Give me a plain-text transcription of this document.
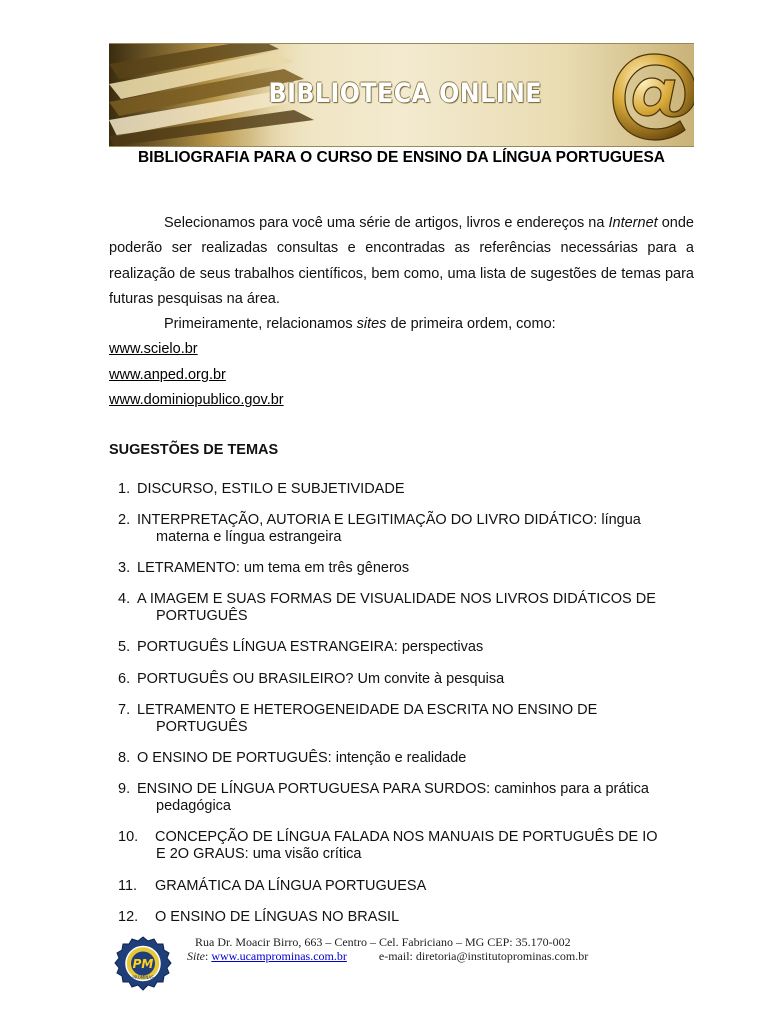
BIBLIOTECA ONLINE
BIBLIOGRAFIA PARA O CURSO DE ENSINO DA LÍNGUA PORTUGUESA

Selecionamos para você uma série de artigos, livros e endereços na Internet onde poderão ser realizadas consultas e encontradas as referências necessárias para a realização de seus trabalhos científicos, bem como, uma lista de sugestões de temas para futuras pesquisas na área.

Primeiramente, relacionamos sites de primeira ordem, como:

www.scielo.br
www.anped.org.br
www.dominiopublico.gov.br
SUGESTÕES DE TEMAS
1. DISCURSO, ESTILO E SUBJETIVIDADE
2. INTERPRETAÇÃO, AUTORIA E LEGITIMAÇÃO DO LIVRO DIDÁTICO: língua
materna e língua estrangeira
3. LETRAMENTO: um tema em três gêneros
4. A IMAGEM E SUAS FORMAS DE VISUALIDADE NOS LIVROS DIDÁTICOS DE
PORTUGUÊS
5. PORTUGUÊS LÍNGUA ESTRANGEIRA: perspectivas
6. PORTUGUÊS OU BRASILEIRO? Um convite à pesquisa
7. LETRAMENTO E HETEROGENEIDADE DA ESCRITA NO ENSINO DE
PORTUGUÊS
8. O ENSINO DE PORTUGUÊS: intenção e realidade
9. ENSINO DE LÍNGUA PORTUGUESA PARA SURDOS: caminhos para a prática
pedagógica
10. CONCEPÇÃO DE LÍNGUA FALADA NOS MANUAIS DE PORTUGUÊS DE IO
E 2O GRAUS: uma visão crítica
11. GRAMÁTICA DA LÍNGUA PORTUGUESA
12. O ENSINO DE LÍNGUAS NO BRASIL
PM
PROMINAS
Rua Dr. Moacir Birro, 663 – Centro – Cel. Fabriciano – MG CEP: 35.170-002
Site: www.ucamprominas.com.br	e-mail: diretoria@institutoprominas.com.br
